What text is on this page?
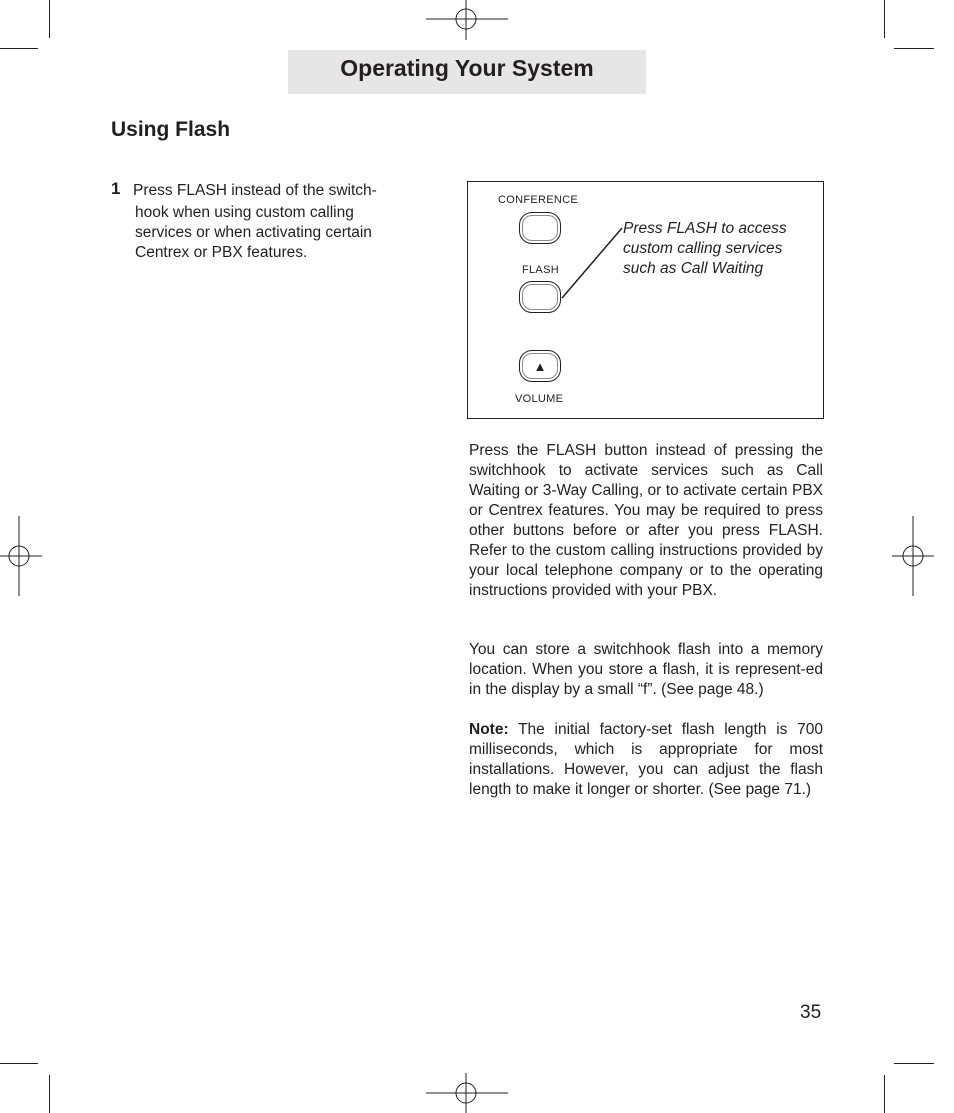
Operating Your System
Using Flash
1 Press FLASH instead of the switch-
hook when using custom calling
services or when activating certain
Centrex or PBX features.
CONFERENCE
FLASH
▲
VOLUME
Press FLASH to access
custom calling services
such as Call Waiting
Press the FLASH button instead of pressing the switchhook to activate services such as Call Waiting or 3-Way Calling, or to activate certain PBX or Centrex features. You may be required to press other buttons before or after you press FLASH. Refer to the custom calling instructions provided by your local telephone company or to the operating instructions provided with your PBX.
You can store a switchhook flash into a memory location. When you store a flash, it is represent-ed in the display by a small “f”. (See page 48.)
Note: The initial factory-set flash length is 700 milliseconds, which is appropriate for most installations. However, you can adjust the flash length to make it longer or shorter. (See page 71.)
35
